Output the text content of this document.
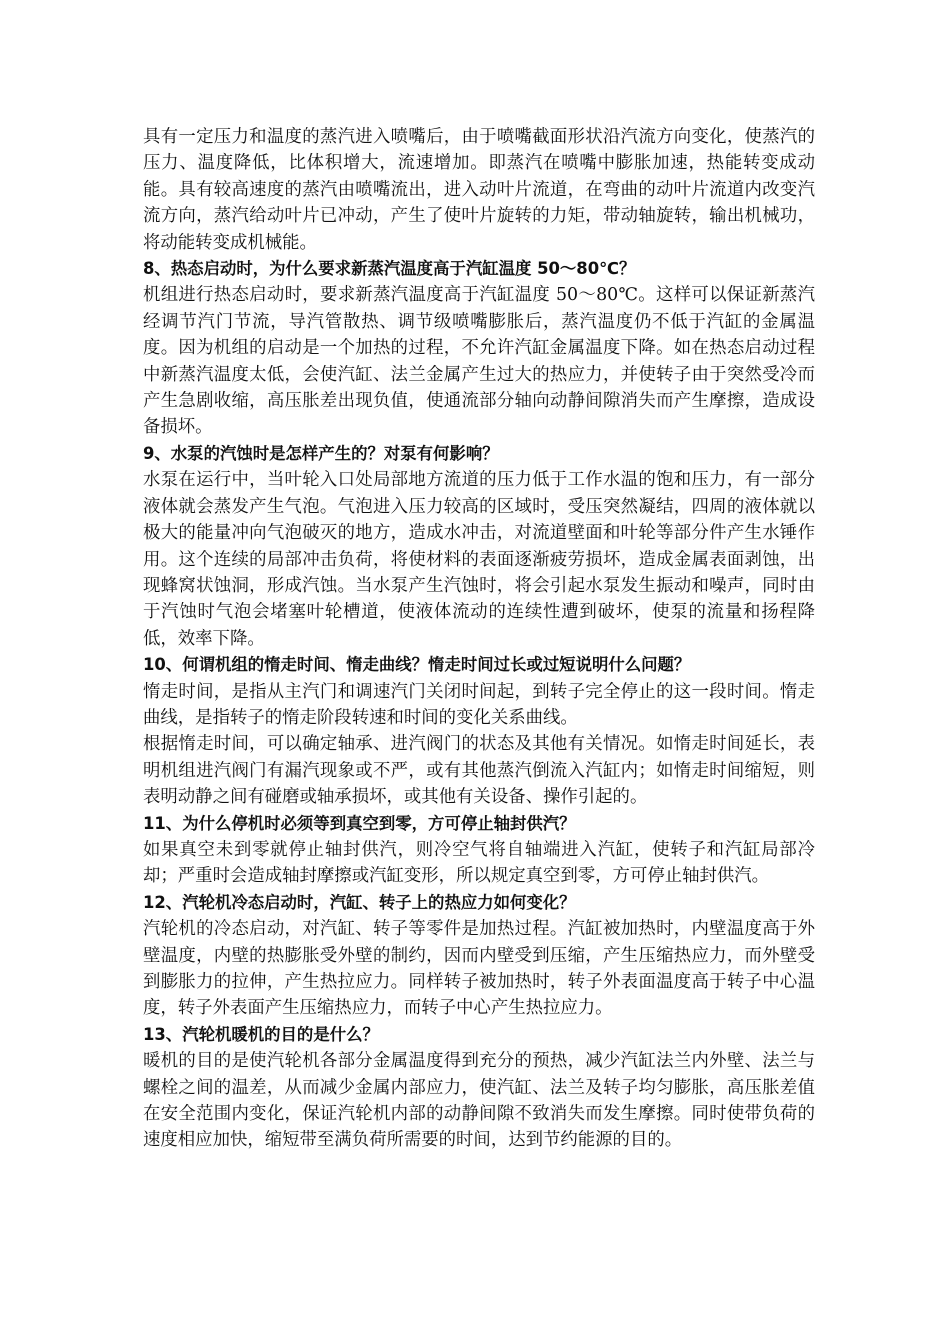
具有一定压力和温度的蒸汽进入喷嘴后，由于喷嘴截面形状沿汽流方向变化，使蒸汽的压力、温度降低，比体积增大，流速增加。即蒸汽在喷嘴中膨胀加速，热能转变成动能。具有较高速度的蒸汽由喷嘴流出，进入动叶片流道，在弯曲的动叶片流道内改变汽流方向，蒸汽给动叶片已冲动，产生了使叶片旋转的力矩，带动轴旋转，输出机械功，将动能转变成机械能。

8、热态启动时，为什么要求新蒸汽温度高于汽缸温度 50～80℃？

机组进行热态启动时，要求新蒸汽温度高于汽缸温度 50～80℃。这样可以保证新蒸汽经调节汽门节流，导汽管散热、调节级喷嘴膨胀后，蒸汽温度仍不低于汽缸的金属温度。因为机组的启动是一个加热的过程，不允许汽缸金属温度下降。如在热态启动过程中新蒸汽温度太低，会使汽缸、法兰金属产生过大的热应力，并使转子由于突然受冷而产生急剧收缩，高压胀差出现负值，使通流部分轴向动静间隙消失而产生摩擦，造成设备损坏。

9、水泵的汽蚀时是怎样产生的？对泵有何影响？

水泵在运行中，当叶轮入口处局部地方流道的压力低于工作水温的饱和压力，有一部分液体就会蒸发产生气泡。气泡进入压力较高的区域时，受压突然凝结，四周的液体就以极大的能量冲向气泡破灭的地方，造成水冲击，对流道壁面和叶轮等部分件产生水锤作用。这个连续的局部冲击负荷，将使材料的表面逐渐疲劳损坏，造成金属表面剥蚀，出现蜂窝状蚀洞，形成汽蚀。当水泵产生汽蚀时，将会引起水泵发生振动和噪声，同时由于汽蚀时气泡会堵塞叶轮槽道，使液体流动的连续性遭到破坏，使泵的流量和扬程降低，效率下降。

10、何谓机组的惰走时间、惰走曲线？惰走时间过长或过短说明什么问题？

惰走时间，是指从主汽门和调速汽门关闭时间起，到转子完全停止的这一段时间。惰走曲线，是指转子的惰走阶段转速和时间的变化关系曲线。

根据惰走时间，可以确定轴承、进汽阀门的状态及其他有关情况。如惰走时间延长，表明机组进汽阀门有漏汽现象或不严，或有其他蒸汽倒流入汽缸内；如惰走时间缩短，则表明动静之间有碰磨或轴承损坏，或其他有关设备、操作引起的。

11、为什么停机时必须等到真空到零，方可停止轴封供汽？

如果真空未到零就停止轴封供汽，则冷空气将自轴端进入汽缸，使转子和汽缸局部冷却；严重时会造成轴封摩擦或汽缸变形，所以规定真空到零，方可停止轴封供汽。

12、汽轮机冷态启动时，汽缸、转子上的热应力如何变化？

汽轮机的冷态启动，对汽缸、转子等零件是加热过程。汽缸被加热时，内壁温度高于外壁温度，内壁的热膨胀受外壁的制约，因而内壁受到压缩，产生压缩热应力，而外壁受到膨胀力的拉伸，产生热拉应力。同样转子被加热时，转子外表面温度高于转子中心温度，转子外表面产生压缩热应力，而转子中心产生热拉应力。

13、汽轮机暖机的目的是什么？

暖机的目的是使汽轮机各部分金属温度得到充分的预热，减少汽缸法兰内外壁、法兰与螺栓之间的温差，从而减少金属内部应力，使汽缸、法兰及转子均匀膨胀，高压胀差值在安全范围内变化，保证汽轮机内部的动静间隙不致消失而发生摩擦。同时使带负荷的速度相应加快，缩短带至满负荷所需要的时间，达到节约能源的目的。
